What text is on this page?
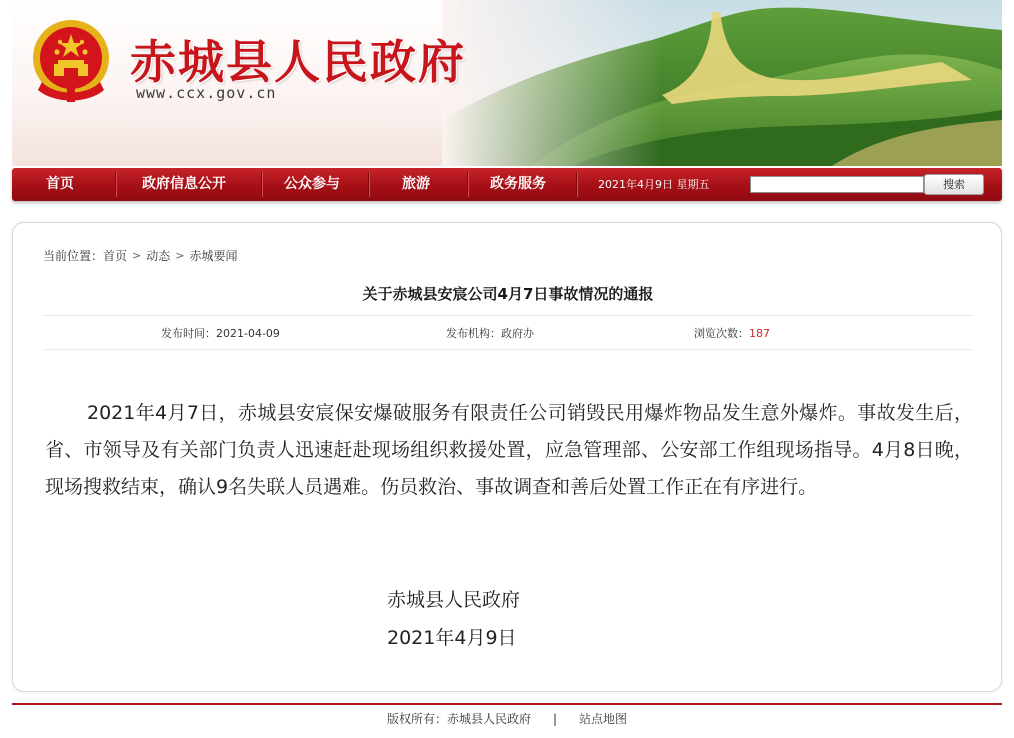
赤城县人民政府
www.ccx.gov.cn
首页	政府信息公开	公众参与	旅游	政务服务	2021年4月9日 星期五	搜索
当前位置： 首页 > 动态 > 赤城要闻
关于赤城县安宸公司4月7日事故情况的通报
发布时间：2021-04-09	发布机构：政府办	浏览次数：187

2021年4月7日，赤城县安宸保安爆破服务有限责任公司销毁民用爆炸物品发生意外爆炸。事故发生后，省、市领导及有关部门负责人迅速赶赴现场组织救援处置，应急管理部、公安部工作组现场指导。4月8日晚，现场搜救结束，确认9名失联人员遇难。伤员救治、事故调查和善后处置工作正在有序进行。

赤城县人民政府
2021年4月9日
版权所有：赤城县人民政府 | 站点地图
